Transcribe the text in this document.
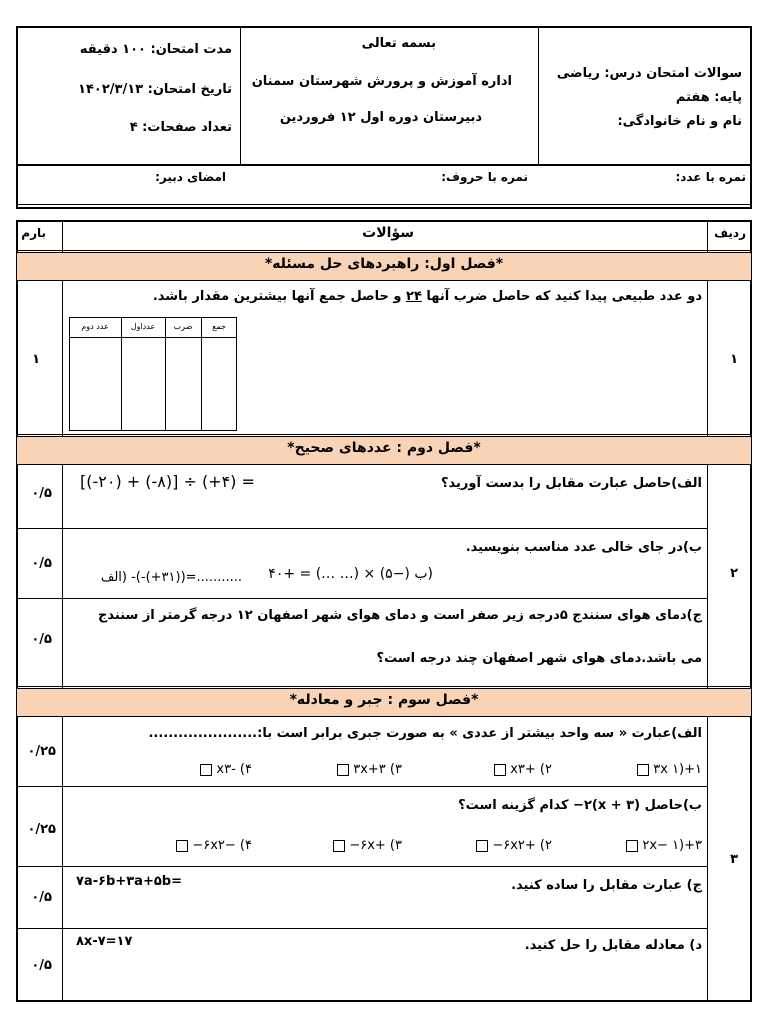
سوالات امتحان درس: ریاضی
پایه: هفتم
نام و نام خانوادگی:
بسمه تعالی
اداره آموزش و پرورش شهرستان سمنان
دبیرستان دوره اول ۱۲ فروردین
مدت امتحان: ۱۰۰ دقیقه
تاریخ امتحان: ۱۴۰۲/۳/۱۳
تعداد صفحات: ۴
نمره با عدد:
نمره با حروف:
امضای دبیر:
ردیف
سؤالات
بارم
*فصل اول: راهبردهای حل مسئله*
۱
۱
دو عدد طبیعی پیدا کنید که حاصل ضرب آنها ۲۴ و حاصل جمع آنها بیشترین مقدار باشد.
جمع
ضرب
عدداول
عدد دوم
*فصل دوم : عددهای صحیح*
۲
الف)حاصل عبارت مقابل را بدست آورید؟
[(-۲۰) + (-۸)] ÷ (+۴) =
۰/۵
ب)در جای خالی عدد مناسب بنویسید.
(ب (−۵) × (… …) = +۴۰
...........=((۳۱+)-)- (الف
۰/۵
ج)دمای هوای سنندج ۵درجه زیر صفر است و دمای هوای شهر اصفهان ۱۲ درجه گرمتر از سنندج
می باشد.دمای هوای شهر اصفهان چند درجه است؟
۰/۵
*فصل سوم : جبر و معادله*
۳
الف)عبارت « سه واحد بیشتر از عددی » به صورت جبری برابر است با:......................
۰/۲۵
۱+(۱ ۳x
۲) +x۳
۳) ۳x+۳
۴) -x۳
ب)حاصل (۳ + x)۲− كدام گزینه است؟
۰/۲۵
۳+(۱ −۲x
۲) +۶x۲−
۳) +۶x−
۴) −۶x۲−
ج) عبارت مقابل را ساده کنید.
۷a-۶b+۳a+۵b=
۰/۵
د) معادله مقابل را حل کنید.
۸x-۷=۱۷
۰/۵
